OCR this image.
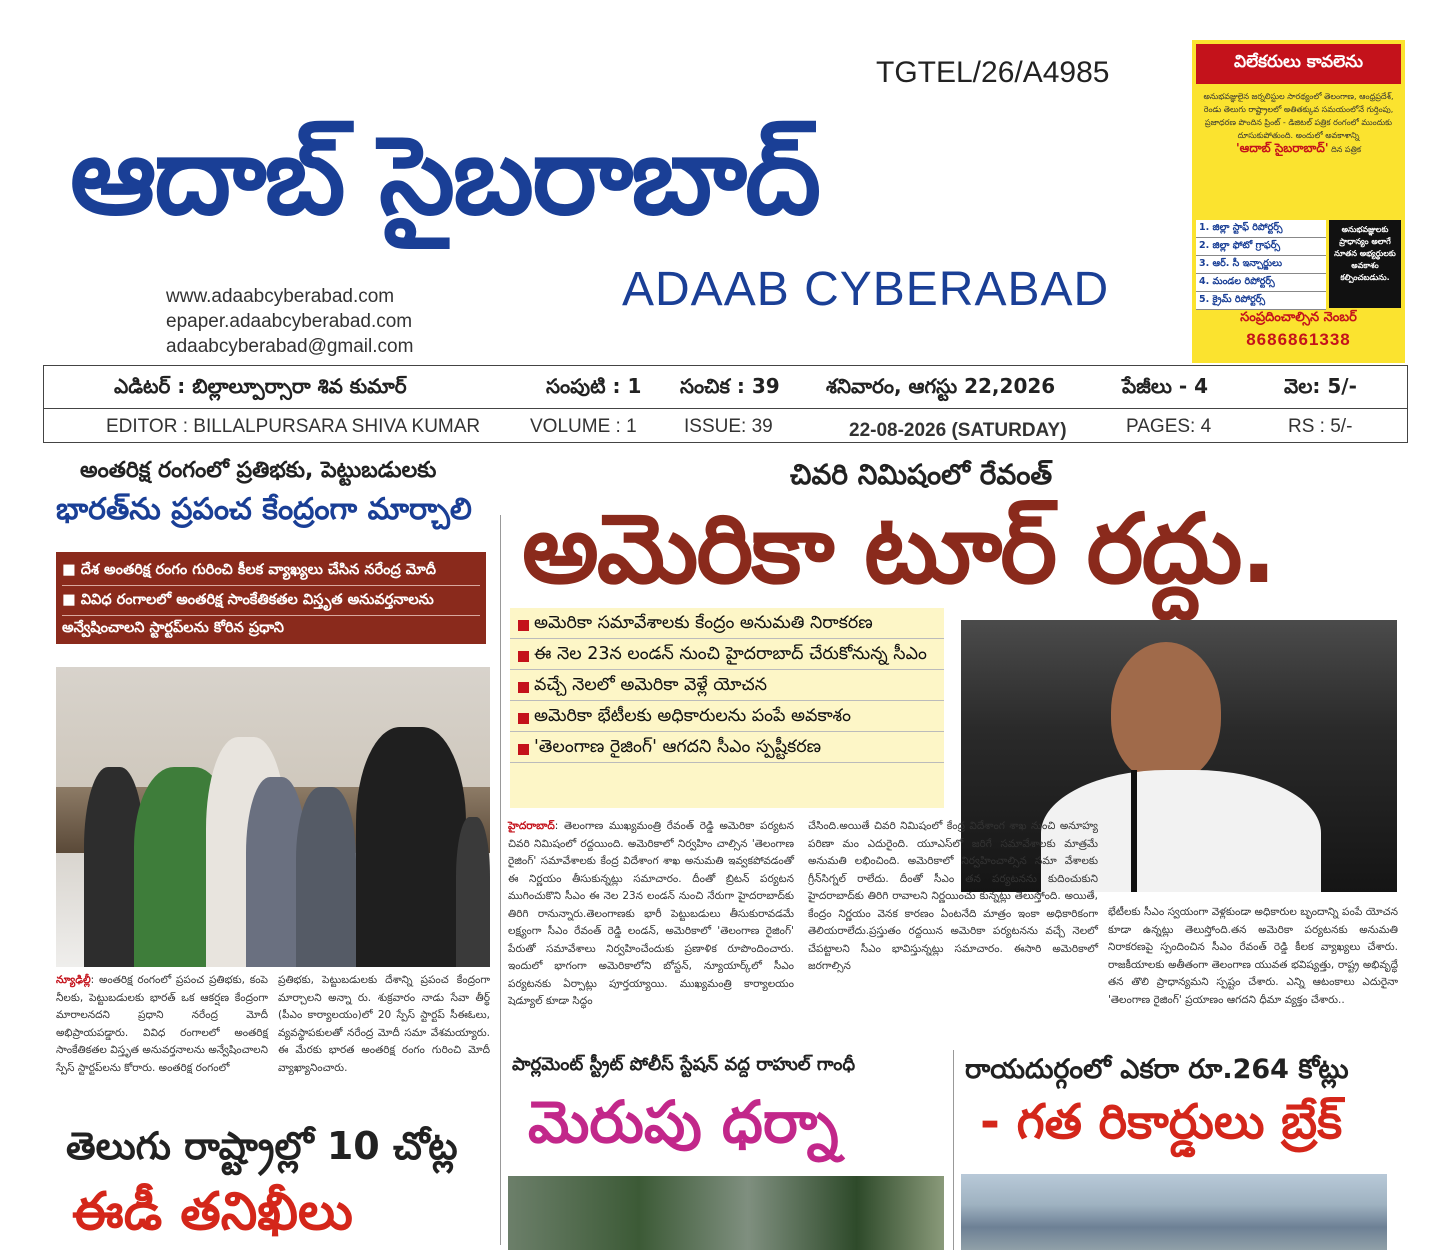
TGTEL/26/A4985
ఆదాబ్ సైబరాబాద్
ADAAB CYBERABAD
www.adaabcyberabad.com
epaper.adaabcyberabad.com
adaabcyberabad@gmail.com
విలేకరులు కావలెను
అనుభవజ్ఞులైన జర్నలిస్టుల సారథ్యంలో తెలంగాణ, ఆంధ్రప్రదేశ్, రెండు తెలుగు రాష్ట్రాలలో అతితక్కువ సమయంలోనే గుర్తింపు, ప్రజాధరణ పొందిన ప్రింట్ - డిజిటల్ పత్రిక రంగంలో ముందుకు దూసుకుపోతుంది. అందులో అవకాశాన్ని
'ఆదాబ్ సైబరాబాద్' దిన పత్రిక
1. జిల్లా స్టాఫ్ రిపోర్టర్స్
2. జిల్లా ఫోటో గ్రాఫర్స్
3. ఆర్. సీ ఇన్చార్జులు
4. మండల రిపోర్టర్స్
5. క్రైమ్ రిపోర్టర్స్
అనుభవజ్ఞులకు ప్రాధాన్యం అలాగే నూతన అభ్యర్థులకు అవకాశం కల్పించబడును.
సంప్రదించాల్సిన నెంబర్
8686861338
ఎడిటర్ : బిల్లాల్పూర్సారా శివ కుమార్	సంపుటి : 1 సంచిక : 39 శనివారం, ఆగస్టు 22,2026	పేజీలు - 4	వెల: 5/-
EDITOR : BILLALPURSARA SHIVA KUMAR	VOLUME : 1 ISSUE: 39	22-08-2026 (SATURDAY)	PAGES: 4	RS : 5/-
అంతరిక్ష రంగంలో ప్రతిభకు, పెట్టుబడులకు
భారత్‌ను ప్రపంచ కేంద్రంగా మార్చాలి
■ దేశ అంతరిక్ష రంగం గురించి కీలక వ్యాఖ్యలు చేసిన నరేంద్ర మోదీ
■ వివిధ రంగాలలో అంతరిక్ష సాంకేతికతల విస్తృత అనువర్తనాలను
అన్వేషించాలని స్టార్టప్‌లను కోరిన ప్రధాని
న్యూఢిల్లీ: అంతరిక్ష రంగంలో ప్రపంచ ప్రతిభకు, కంపె నీలకు, పెట్టుబడులకు భారత్ ఒక ఆకర్షణ కేంద్రంగా మారాలనదని ప్రధాని నరేంద్ర మోదీ అభిప్రాయపడ్డారు. వివిధ రంగాలలో అంతరిక్ష సాంకేతికతల విస్తృత అనువర్తనాలను అన్వేషించాలని స్పేస్ స్టార్టప్‌లను కోరారు. అంతరిక్ష రంగంలో
ప్రతిభకు, పెట్టుబడులకు దేశాన్ని ప్రపంచ కేంద్రంగా మార్చాలని అన్నా రు. శుక్రవారం నాడు సేవా తీర్థ్ (పీఎం కార్యాలయం)లో 20 స్పేస్ స్టార్టప్‌ సీఈఓలు, వ్యవస్థాపకులతో నరేంద్ర మోదీ సమా వేశమయ్యారు. ఈ మేరకు భారత అంతరిక్ష రంగం గురించి మోదీ వ్యాఖ్యానించారు.
చివరి నిమిషంలో రేవంత్
అమెరికా టూర్ రద్దు.
అమెరికా సమావేశాలకు కేంద్రం అనుమతి నిరాకరణ
ఈ నెల 23న లండన్ నుంచి హైదరాబాద్ చేరుకోనున్న సీఎం
వచ్చే నెలలో అమెరికా వెళ్లే యోచన
అమెరికా భేటీలకు అధికారులను పంపే అవకాశం
'తెలంగాణ రైజింగ్' ఆగదని సీఎం స్పష్టీకరణ
హైదరాబాద్: తెలంగాణ ముఖ్యమంత్రి రేవంత్ రెడ్డి అమెరికా పర్యటన చివరి నిమిషంలో రద్దయింది. అమెరికాలో నిర్వహిం చాల్సిన 'తెలంగాణ రైజింగ్' సమావేశాలకు కేంద్ర విదేశాంగ శాఖ అనుమతి ఇవ్వకపోవడంతో ఈ నిర్ణయం తీసుకున్నట్లు సమాచారం. దీంతో బ్రిటన్ పర్యటన ముగించుకొని సీఎం ఈ నెల 23న లండన్ నుంచి నేరుగా హైదరాబాద్‌కు తిరిగి రానున్నారు.తెలంగాణకు భారీ పెట్టుబడులు తీసుకురావడమే లక్ష్యంగా సీఎం రేవంత్ రెడ్డి లండన్, అమెరికాలో 'తెలంగాణ రైజింగ్' పేరుతో సమావేశాలు నిర్వహించేందుకు ప్రణాళిక రూపొందించారు. ఇందులో భాగంగా అమెరికాలోని బోస్టన్, న్యూయార్క్‌లో సీఎం పర్యటనకు ఏర్పాట్లు పూర్తయ్యాయి. ముఖ్యమంత్రి కార్యాలయం షెడ్యూల్ కూడా సిద్ధం
చేసింది.అయితే చివరి నిమిషంలో కేంద్ర విదేశాంగ శాఖ నుంచి అనూహ్య పరిణా మం ఎదురైంది. యూఎస్‌లో జరిగే సమావేశాలకు మాత్రమే అనుమతి లభించింది. అమెరికాలో నిర్వహించాల్సిన సమా వేశాలకు గ్రీన్‌సిగ్నల్ రాలేదు. దీంతో సీఎం తన పర్యటనను కుదించుకుని హైదరాబాద్‌కు తిరిగి రావాలని నిర్ణయించు కున్నట్లు తెలుస్తోంది. అయితే, కేంద్రం నిర్ణయం వెనక కారణం ఏంటనేది మాత్రం ఇంకా అధికారికంగా తెలియరాలేదు.ప్రస్తుతం రద్దయిన అమెరికా పర్యటనను వచ్చే నెలలో చేపట్టాలని సీఎం భావిస్తున్నట్లు సమాచారం. ఈసారి అమెరికాలో జరగాల్సిన
భేటీలకు సీఎం స్వయంగా వెళ్లకుండా అధికారుల బృందాన్ని పంపే యోచన కూడా ఉన్నట్లు తెలుస్తోంది.తన అమెరికా పర్యటనకు అనుమతి నిరాకరణపై స్పందించిన సీఎం రేవంత్ రెడ్డి కీలక వ్యాఖ్యలు చేశారు. రాజకీయాలకు అతీతంగా తెలంగాణ యువత భవిష్యత్తు, రాష్ట్ర అభివృద్ధే తన తొలి ప్రాధాన్యమని స్పష్టం చేశారు. ఎన్ని ఆటంకాలు ఎదురైనా 'తెలంగాణ రైజింగ్' ప్రయాణం ఆగదని ధీమా వ్యక్తం చేశారు..
పార్లమెంట్ స్ట్రీట్ పోలీస్ స్టేషన్ వద్ద రాహుల్ గాంధీ
మెరుపు ధర్నా
రాయదుర్గంలో ఎకరా రూ.264 కోట్లు
- గత రికార్డులు బ్రేక్
తెలుగు రాష్ట్రాల్లో 10 చోట్ల
ఈడీ తనిఖీలు
